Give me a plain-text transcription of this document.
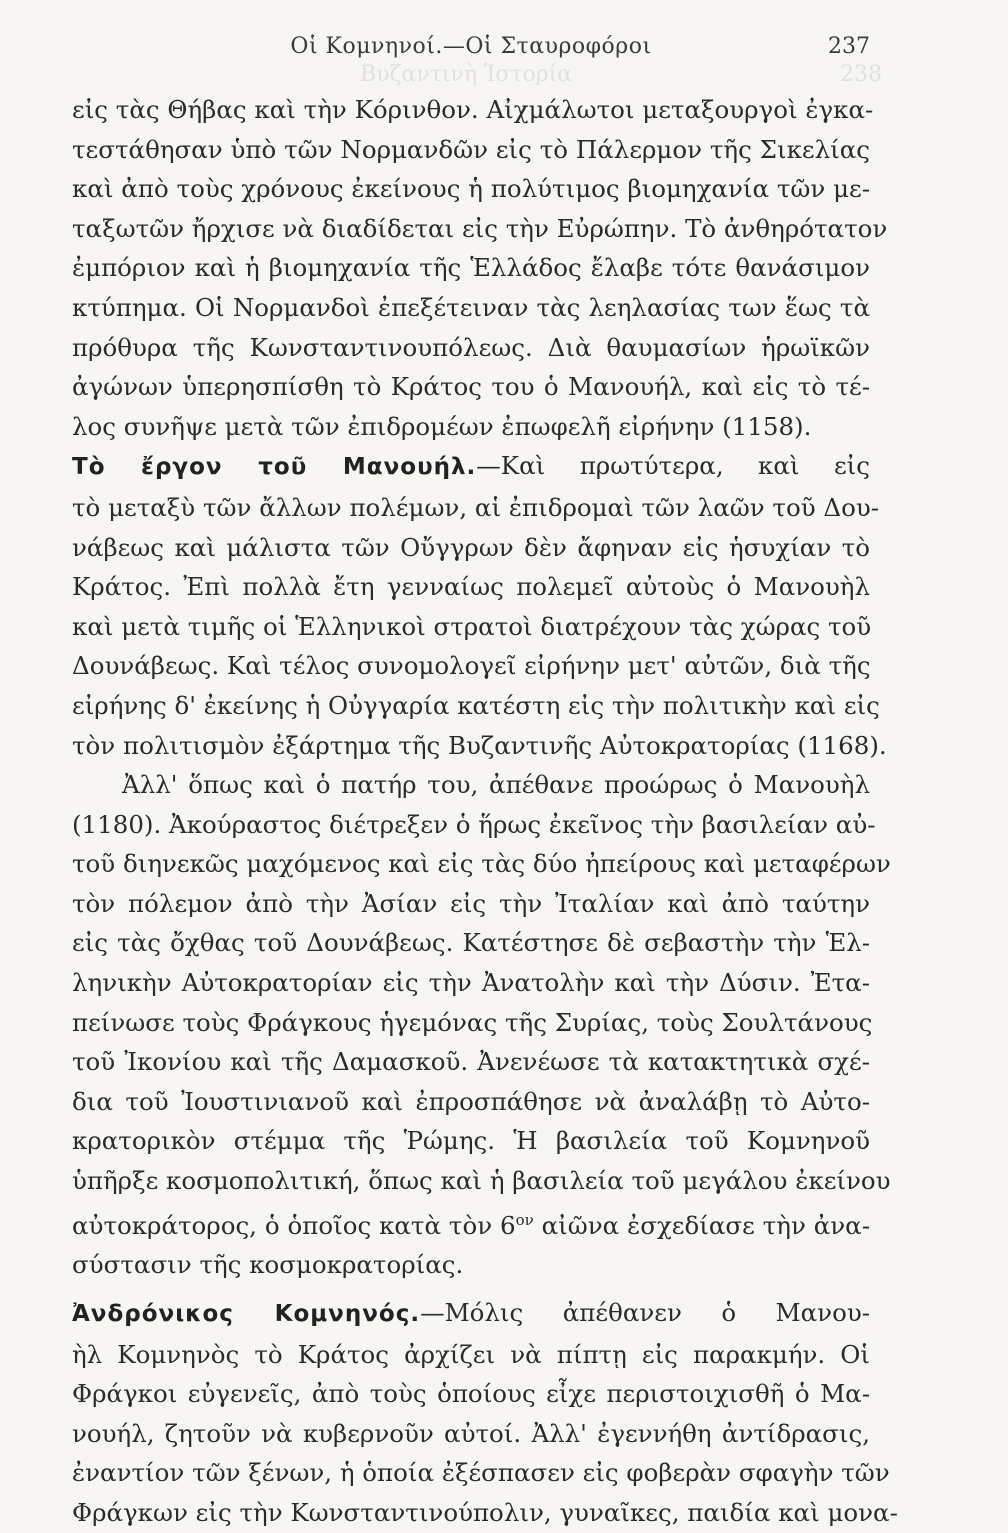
238
Βυζαντινὴ Ἱστορία
Οἱ Κομνηνοί.—Οἱ Σταυροφόροι	237
εἰς τὰς Θήβας καὶ τὴν Κόρινθον. Αἰχμάλωτοι μεταξουργοὶ ἐγκα-
τεστάθησαν ὑπὸ τῶν Νορμανδῶν εἰς τὸ Πάλερμον τῆς Σικελίας
καὶ ἀπὸ τοὺς χρόνους ἐκείνους ἡ πολύτιμος βιομηχανία τῶν με-
ταξωτῶν ἤρχισε νὰ διαδίδεται εἰς τὴν Εὐρώπην. Τὸ ἀνθηρότατον
ἐμπόριον καὶ ἡ βιομηχανία τῆς Ἑλλάδος ἔλαβε τότε θανάσιμον
κτύπημα. Οἱ Νορμανδοὶ ἐπεξέτειναν τὰς λεηλασίας των ἕως τὰ
πρόθυρα τῆς Κωνσταντινουπόλεως. Διὰ θαυμασίων ἡρωϊκῶν
ἀγώνων ὑπερησπίσθη τὸ Κράτος του ὁ Μανουήλ, καὶ εἰς τὸ τέ-
λος συνῆψε μετὰ τῶν ἐπιδρομέων ἐπωφελῆ εἰρήνην (1158).
Τὸ ἔργον τοῦ Μανουήλ.—Καὶ πρωτύτερα, καὶ εἰς
τὸ μεταξὺ τῶν ἄλλων πολέμων, αἱ ἐπιδρομαὶ τῶν λαῶν τοῦ Δου-
νάβεως καὶ μάλιστα τῶν Οὔγγρων δὲν ἄφηναν εἰς ἡσυχίαν τὸ
Κράτος. Ἐπὶ πολλὰ ἔτη γενναίως πολεμεῖ αὐτοὺς ὁ Μανουὴλ
καὶ μετὰ τιμῆς οἱ Ἑλληνικοὶ στρατοὶ διατρέχουν τὰς χώρας τοῦ
Δουνάβεως. Καὶ τέλος συνομολογεῖ εἰρήνην μετ' αὐτῶν, διὰ τῆς
εἰρήνης δ' ἐκείνης ἡ Οὐγγαρία κατέστη εἰς τὴν πολιτικὴν καὶ εἰς
τὸν πολιτισμὸν ἐξάρτημα τῆς Βυζαντινῆς Αὐτοκρατορίας (1168).
Ἀλλ' ὅπως καὶ ὁ πατήρ του, ἀπέθανε προώρως ὁ Μανουὴλ
(1180). Ἀκούραστος διέτρεξεν ὁ ἥρως ἐκεῖνος τὴν βασιλείαν αὐ-
τοῦ διηνεκῶς μαχόμενος καὶ εἰς τὰς δύο ἠπείρους καὶ μεταφέρων
τὸν πόλεμον ἀπὸ τὴν Ἀσίαν εἰς τὴν Ἰταλίαν καὶ ἀπὸ ταύτην
εἰς τὰς ὄχθας τοῦ Δουνάβεως. Κατέστησε δὲ σεβαστὴν τὴν Ἑλ-
ληνικὴν Αὐτοκρατορίαν εἰς τὴν Ἀνατολὴν καὶ τὴν Δύσιν. Ἐτα-
πείνωσε τοὺς Φράγκους ἡγεμόνας τῆς Συρίας, τοὺς Σουλτάνους
τοῦ Ἰκονίου καὶ τῆς Δαμασκοῦ. Ἀνενέωσε τὰ κατακτητικὰ σχέ-
δια τοῦ Ἰουστινιανοῦ καὶ ἐπροσπάθησε νὰ ἀναλάβῃ τὸ Αὐτο-
κρατορικὸν στέμμα τῆς Ῥώμης. Ἡ βασιλεία τοῦ Κομνηνοῦ
ὑπῆρξε κοσμοπολιτική, ὅπως καὶ ἡ βασιλεία τοῦ μεγάλου ἐκείνου
αὐτοκράτορος, ὁ ὁποῖος κατὰ τὸν $6^{o\nu}$ αἰῶνα ἐσχεδίασε τὴν ἀνα-
σύστασιν τῆς κοσμοκρατορίας.
Ἀνδρόνικος Κομνηνός.—Μόλις ἀπέθανεν ὁ Μανου-
ὴλ Κομνηνὸς τὸ Κράτος ἀρχίζει νὰ πίπτῃ εἰς παρακμήν. Οἱ
Φράγκοι εὐγενεῖς, ἀπὸ τοὺς ὁποίους εἶχε περιστοιχισθῆ ὁ Μα-
νουήλ, ζητοῦν νὰ κυβερνοῦν αὐτοί. Ἀλλ' ἐγεννήθη ἀντίδρασις,
ἐναντίον τῶν ξένων, ἡ ὁποία ἐξέσπασεν εἰς φοβερὰν σφαγὴν τῶν
Φράγκων εἰς τὴν Κωνσταντινούπολιν, γυναῖκες, παιδία καὶ μονα-
